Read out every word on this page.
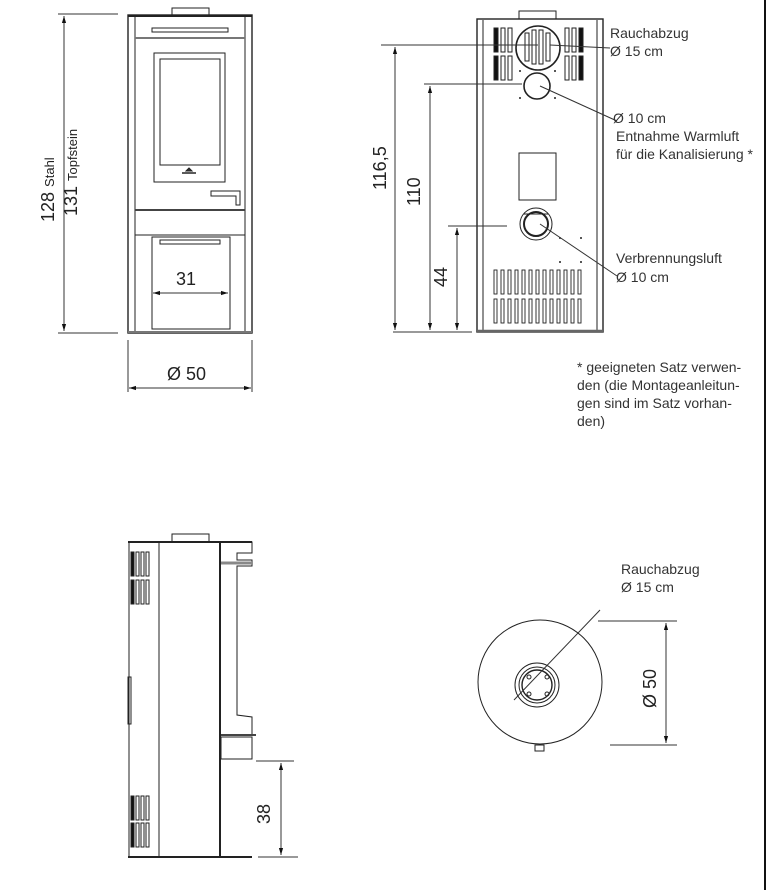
128 Stahl
131 Topfstein
31
Ø 50
116,5
110
44
Rauchabzug
Ø 15 cm
Ø 10 cm
Entnahme Warmluft
für die Kanalisierung *
Verbrennungsluft
Ø 10 cm
* geeigneten Satz verwen-
den (die Montageanleitun-
gen sind im Satz vorhan-
den)
38
Rauchabzug
Ø 15 cm
Ø 50
